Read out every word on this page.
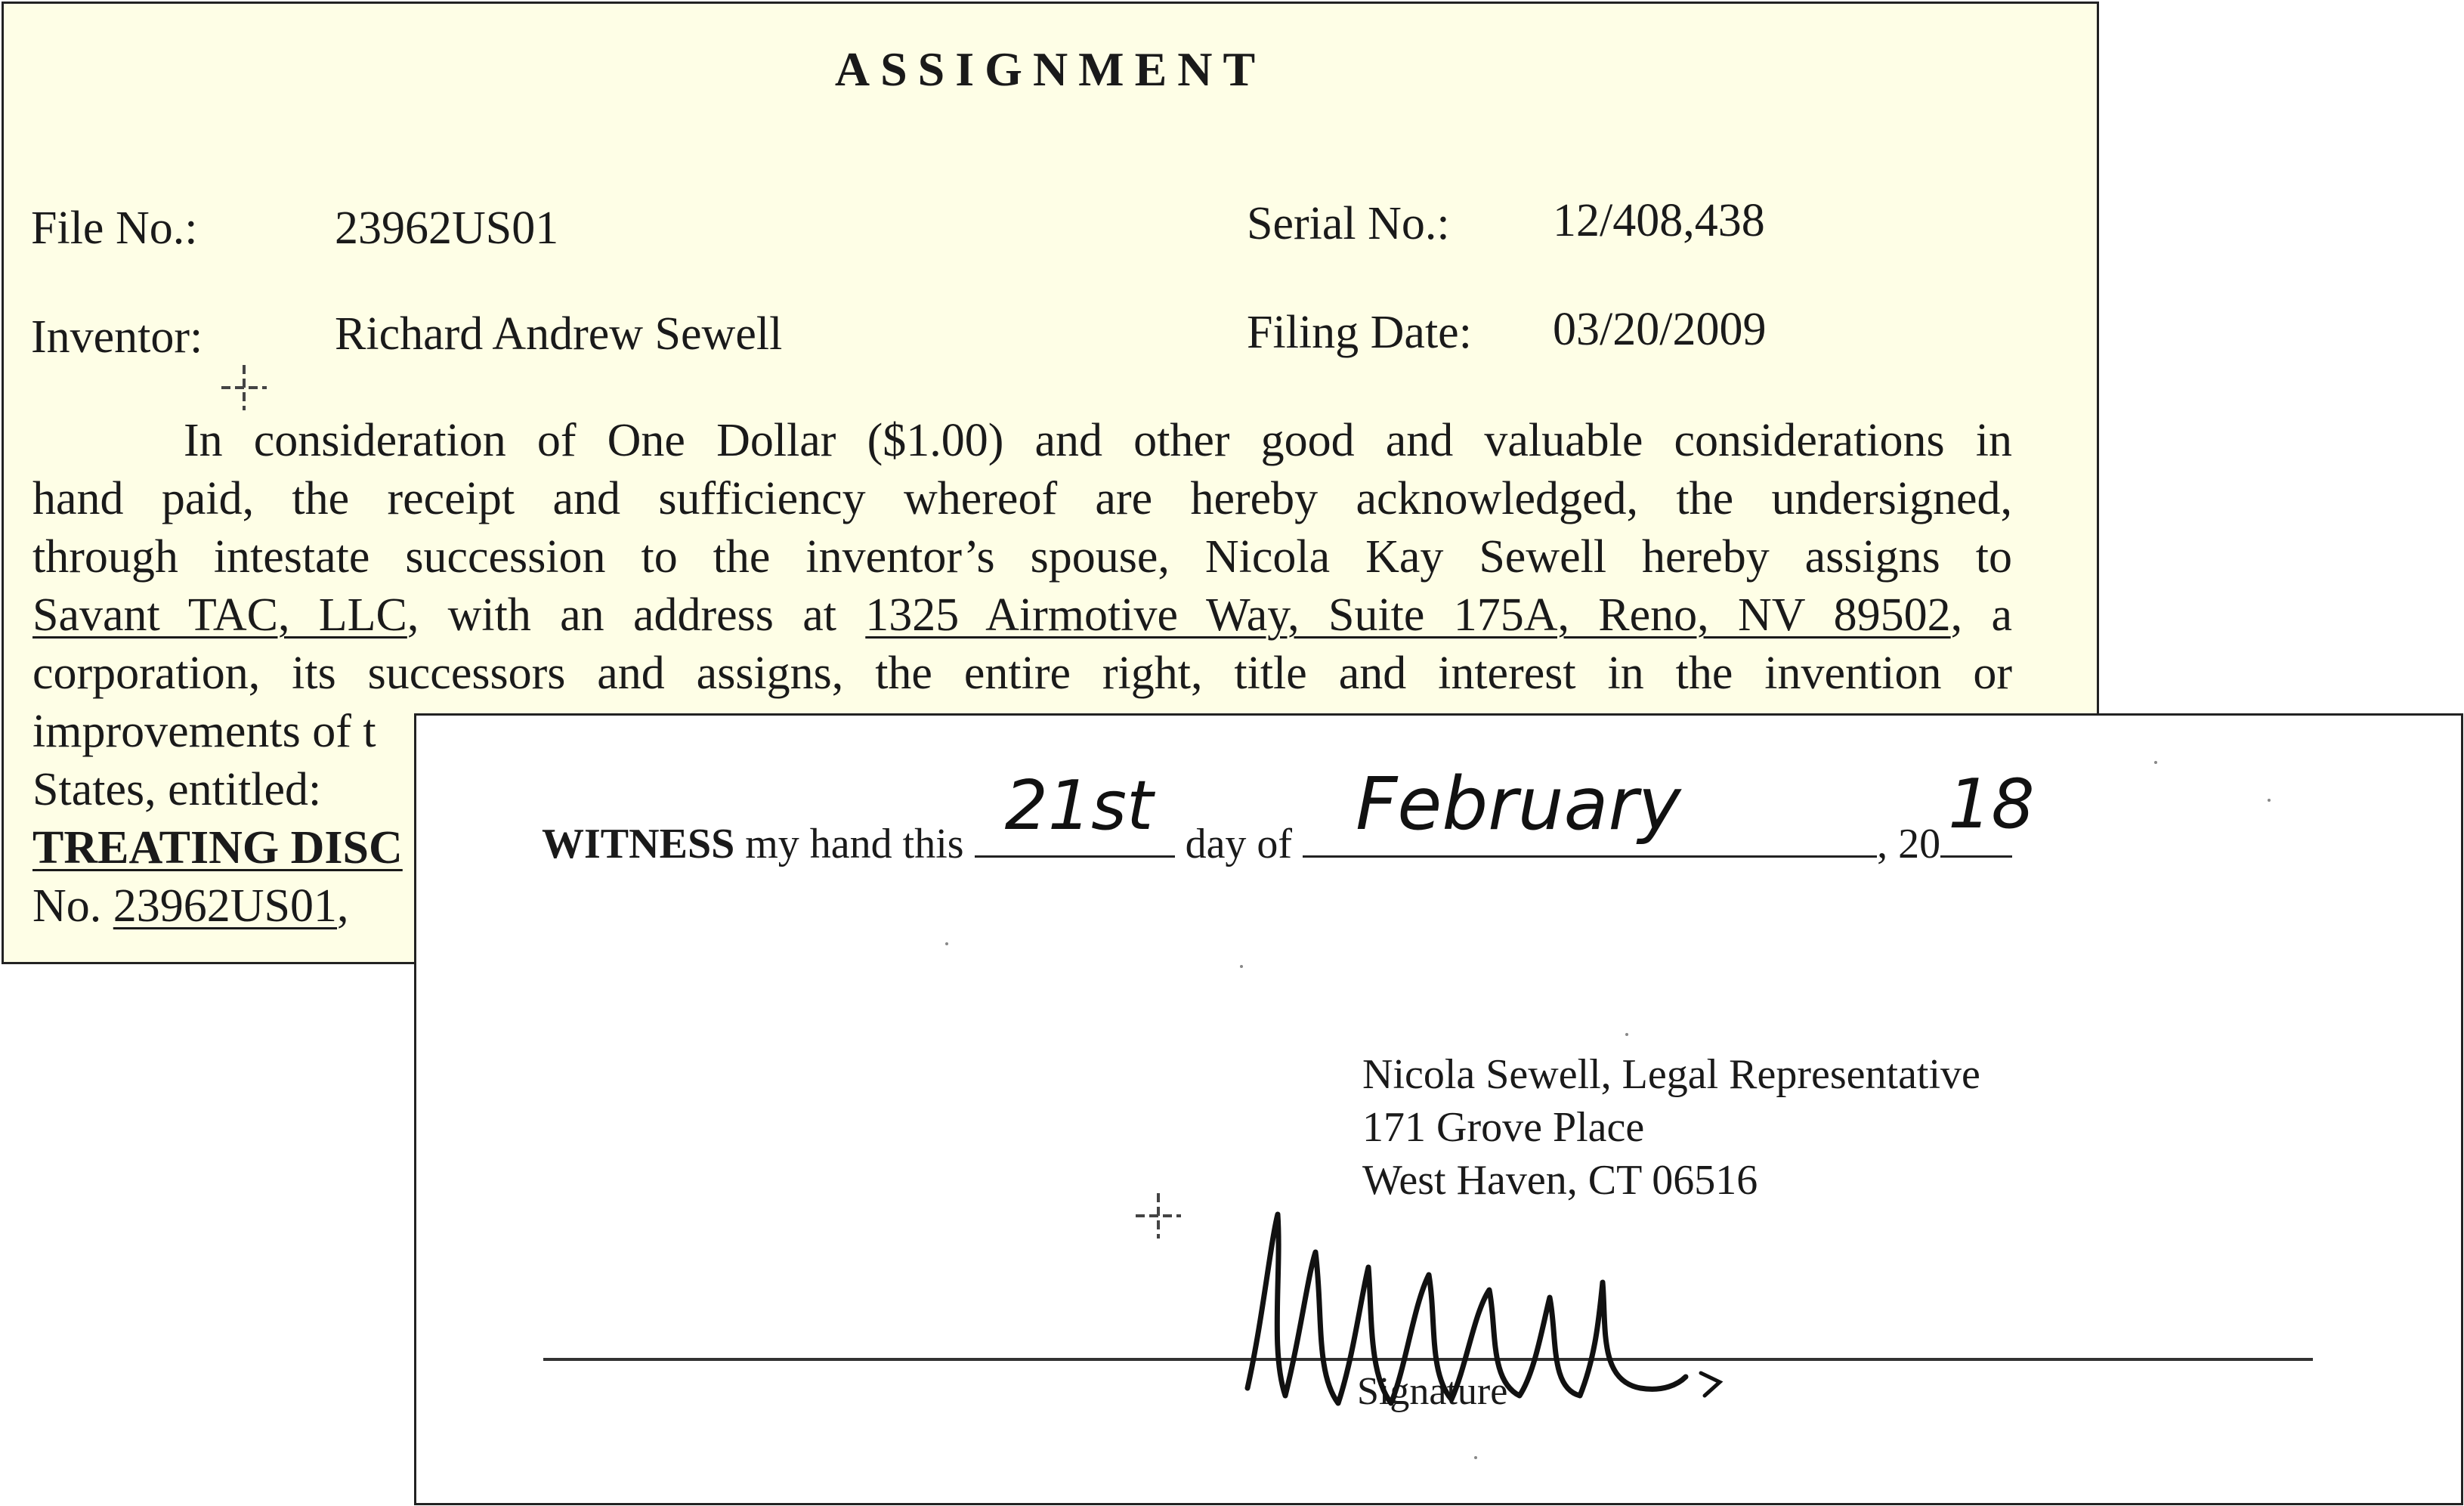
ASSIGNMENT
File No.:	23962US01	Serial No.: 12/408,438
Inventor:	Richard Andrew Sewell	Filing Date: 03/20/2009
In consideration of One Dollar ($1.00) and other good and valuable considerations in
hand paid, the receipt and sufficiency whereof are hereby acknowledged, the undersigned,
through intestate succession to the inventor’s spouse, Nicola Kay Sewell hereby assigns to
Savant TAC, LLC, with an address at 1325 Airmotive Way, Suite 175A, Reno, NV 89502, a
corporation, its successors and assigns, the entire right, title and interest in the invention or
improvements of t
States, entitled:
TREATING DISC
No. 23962US01,
WITNESS my hand this 21st day of February	, 20 18
Nicola Sewell, Legal Representative
171 Grove Place
West Haven, CT 06516
Signature
